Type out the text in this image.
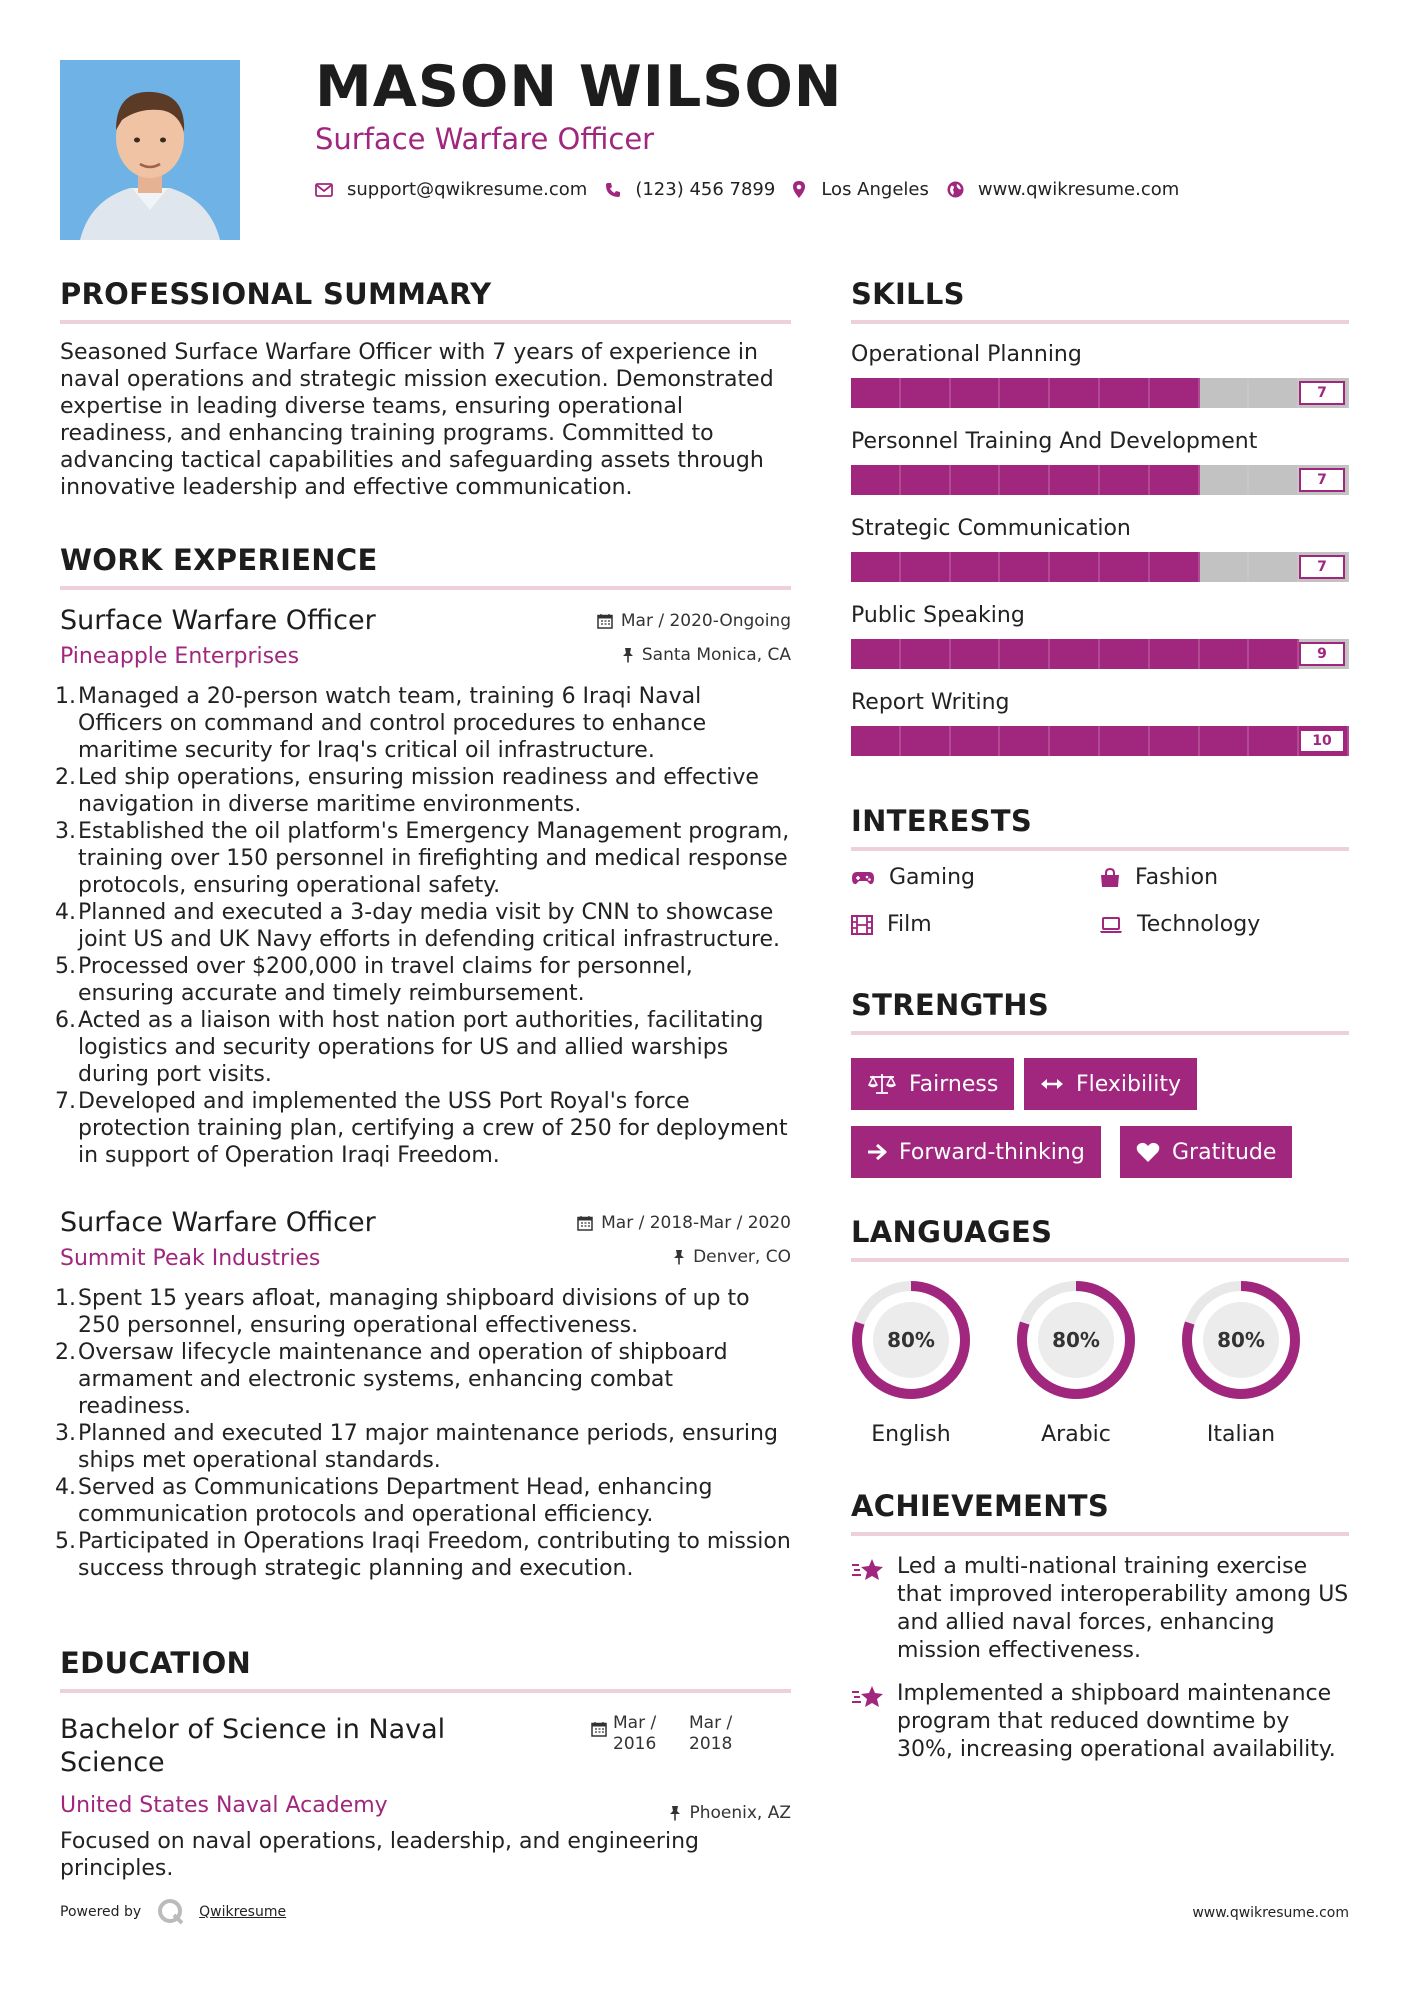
MASON WILSON
Surface Warfare Officer
support@qwikresume.com	(123) 456 7899	Los Angeles	www.qwikresume.com
PROFESSIONAL SUMMARY
Seasoned Surface Warfare Officer with 7 years of experience in naval operations and strategic mission execution. Demonstrated expertise in leading diverse teams, ensuring operational readiness, and enhancing training programs. Committed to advancing tactical capabilities and safeguarding assets through innovative leadership and effective communication.
WORK EXPERIENCE
Surface Warfare Officer	Mar / 2020-Ongoing
Pineapple Enterprises	Santa Monica, CA
1. Managed a 20-person watch team, training 6 Iraqi Naval Officers on command and control procedures to enhance maritime security for Iraq's critical oil infrastructure.
2. Led ship operations, ensuring mission readiness and effective navigation in diverse maritime environments.
3. Established the oil platform's Emergency Management program, training over 150 personnel in firefighting and medical response protocols, ensuring operational safety.
4. Planned and executed a 3-day media visit by CNN to showcase joint US and UK Navy efforts in defending critical infrastructure.
5. Processed over $200,000 in travel claims for personnel, ensuring accurate and timely reimbursement.
6. Acted as a liaison with host nation port authorities, facilitating logistics and security operations for US and allied warships during port visits.
7. Developed and implemented the USS Port Royal's force protection training plan, certifying a crew of 250 for deployment in support of Operation Iraqi Freedom.
Surface Warfare Officer	Mar / 2018-Mar / 2020
Summit Peak Industries	Denver, CO
1. Spent 15 years afloat, managing shipboard divisions of up to 250 personnel, ensuring operational effectiveness.
2. Oversaw lifecycle maintenance and operation of shipboard armament and electronic systems, enhancing combat readiness.
3. Planned and executed 17 major maintenance periods, ensuring ships met operational standards.
4. Served as Communications Department Head, enhancing communication protocols and operational efficiency.
5. Participated in Operations Iraqi Freedom, contributing to mission success through strategic planning and execution.
EDUCATION
Bachelor of Science in Naval Science
Mar / 2016
Mar / 2018
United States Naval Academy	Phoenix, AZ
Focused on naval operations, leadership, and engineering principles.
SKILLS
Operational Planning
7
Personnel Training And Development
7
Strategic Communication
7
Public Speaking
9
Report Writing
10
INTERESTS
Gaming	Fashion
Film	Technology
STRENGTHS
Fairness	Flexibility
Forward-thinking	Gratitude
LANGUAGES
80%
English
80%
Arabic
80%
Italian
ACHIEVEMENTS
Led a multi-national training exercise that improved interoperability among US and allied naval forces, enhancing mission effectiveness.
Implemented a shipboard maintenance program that reduced downtime by 30%, increasing operational availability.
Powered by	Qwikresume	www.qwikresume.com
